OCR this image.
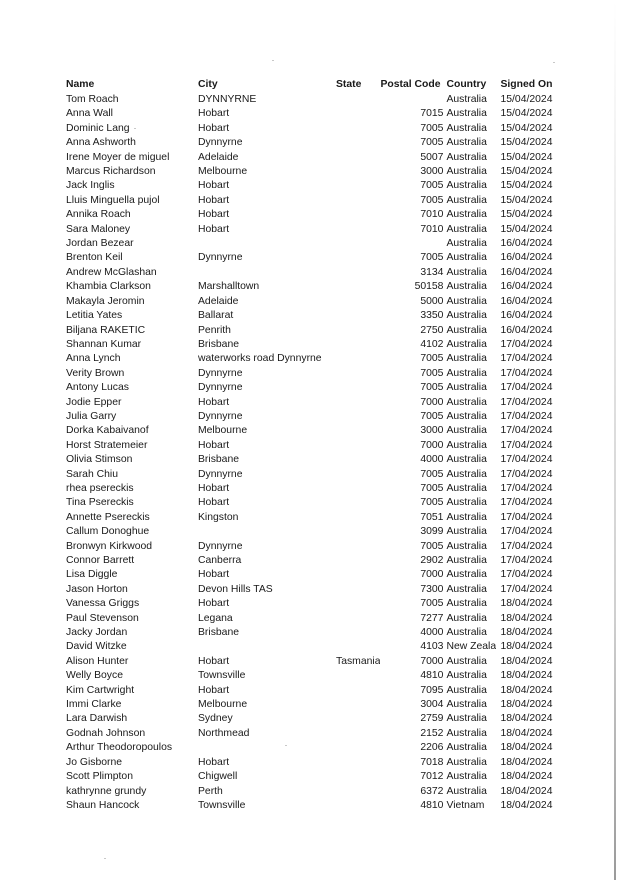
Name	City	State	Postal Code	Country	Signed On
Tom Roach	DYNNYRNE			Australia	15/04/2024
Anna Wall	Hobart		7015	Australia	15/04/2024
Dominic Lang	Hobart		7005	Australia	15/04/2024
Anna Ashworth	Dynnyrne		7005	Australia	15/04/2024
Irene Moyer de miguel	Adelaide		5007	Australia	15/04/2024
Marcus Richardson	Melbourne		3000	Australia	15/04/2024
Jack Inglis	Hobart		7005	Australia	15/04/2024
Lluis Minguella pujol	Hobart		7005	Australia	15/04/2024
Annika Roach	Hobart		7010	Australia	15/04/2024
Sara Maloney	Hobart		7010	Australia	15/04/2024
Jordan Bezear				Australia	16/04/2024
Brenton Keil	Dynnyrne		7005	Australia	16/04/2024
Andrew McGlashan			3134	Australia	16/04/2024
Khambia Clarkson	Marshalltown		50158	Australia	16/04/2024
Makayla Jeromin	Adelaide		5000	Australia	16/04/2024
Letitia Yates	Ballarat		3350	Australia	16/04/2024
Biljana RAKETIC	Penrith		2750	Australia	16/04/2024
Shannan Kumar	Brisbane		4102	Australia	17/04/2024
Anna Lynch	waterworks road Dynnyrne		7005	Australia	17/04/2024
Verity Brown	Dynnyrne		7005	Australia	17/04/2024
Antony Lucas	Dynnyrne		7005	Australia	17/04/2024
Jodie Epper	Hobart		7000	Australia	17/04/2024
Julia Garry	Dynnyrne		7005	Australia	17/04/2024
Dorka Kabaivanof	Melbourne		3000	Australia	17/04/2024
Horst Stratemeier	Hobart		7000	Australia	17/04/2024
Olivia Stimson	Brisbane		4000	Australia	17/04/2024
Sarah Chiu	Dynnyrne		7005	Australia	17/04/2024
rhea psereckis	Hobart		7005	Australia	17/04/2024
Tina Psereckis	Hobart		7005	Australia	17/04/2024
Annette Psereckis	Kingston		7051	Australia	17/04/2024
Callum Donoghue			3099	Australia	17/04/2024
Bronwyn Kirkwood	Dynnyrne		7005	Australia	17/04/2024
Connor Barrett	Canberra		2902	Australia	17/04/2024
Lisa Diggle	Hobart		7000	Australia	17/04/2024
Jason Horton	Devon Hills TAS		7300	Australia	17/04/2024
Vanessa Griggs	Hobart		7005	Australia	18/04/2024
Paul Stevenson	Legana		7277	Australia	18/04/2024
Jacky Jordan	Brisbane		4000	Australia	18/04/2024
David Witzke			4103	New Zeala	18/04/2024
Alison Hunter	Hobart	Tasmania	7000	Australia	18/04/2024
Welly Boyce	Townsville		4810	Australia	18/04/2024
Kim Cartwright	Hobart		7095	Australia	18/04/2024
Immi Clarke	Melbourne		3004	Australia	18/04/2024
Lara Darwish	Sydney		2759	Australia	18/04/2024
Godnah Johnson	Northmead		2152	Australia	18/04/2024
Arthur Theodoropoulos			2206	Australia	18/04/2024
Jo Gisborne	Hobart		7018	Australia	18/04/2024
Scott Plimpton	Chigwell		7012	Australia	18/04/2024
kathrynne grundy	Perth		6372	Australia	18/04/2024
Shaun Hancock	Townsville		4810	Vietnam	18/04/2024
